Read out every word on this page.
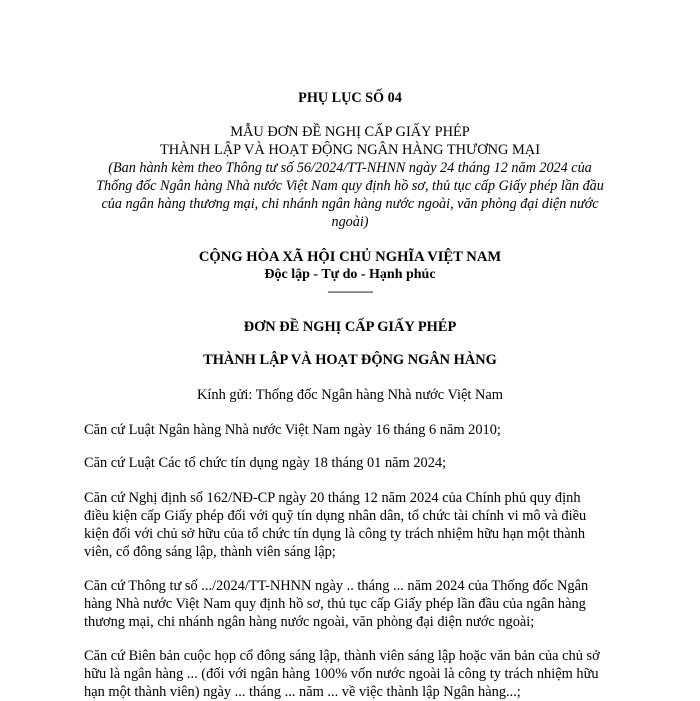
PHỤ LỤC SỐ 04
MẪU ĐƠN ĐỀ NGHỊ CẤP GIẤY PHÉP
THÀNH LẬP VÀ HOẠT ĐỘNG NGÂN HÀNG THƯƠNG MẠI
(Ban hành kèm theo Thông tư số 56/2024/TT-NHNN ngày 24 tháng 12 năm 2024 của
Thống đốc Ngân hàng Nhà nước Việt Nam quy định hồ sơ, thủ tục cấp Giấy phép lần đầu
của ngân hàng thương mại, chi nhánh ngân hàng nước ngoài, văn phòng đại diện nước
ngoài)
CỘNG HÒA XÃ HỘI CHỦ NGHĨA VIỆT NAM
Độc lập - Tự do - Hạnh phúc
---------------
ĐƠN ĐỀ NGHỊ CẤP GIẤY PHÉP
THÀNH LẬP VÀ HOẠT ĐỘNG NGÂN HÀNG
Kính gửi: Thống đốc Ngân hàng Nhà nước Việt Nam
Căn cứ Luật Ngân hàng Nhà nước Việt Nam ngày 16 tháng 6 năm 2010;
Căn cứ Luật Các tổ chức tín dụng ngày 18 tháng 01 năm 2024;
Căn cứ Nghị định số 162/NĐ-CP ngày 20 tháng 12 năm 2024 của Chính phủ quy định
điều kiện cấp Giấy phép đối với quỹ tín dụng nhân dân, tổ chức tài chính vi mô và điều
kiện đối với chủ sở hữu của tổ chức tín dụng là công ty trách nhiệm hữu hạn một thành
viên, cổ đông sáng lập, thành viên sáng lập;
Căn cứ Thông tư số .../2024/TT-NHNN ngày .. tháng ... năm 2024 của Thống đốc Ngân
hàng Nhà nước Việt Nam quy định hồ sơ, thủ tục cấp Giấy phép lần đầu của ngân hàng
thương mại, chi nhánh ngân hàng nước ngoài, văn phòng đại diện nước ngoài;
Căn cứ Biên bản cuộc họp cổ đông sáng lập, thành viên sáng lập hoặc văn bản của chủ sở
hữu là ngân hàng ... (đối với ngân hàng 100% vốn nước ngoài là công ty trách nhiệm hữu
hạn một thành viên) ngày ... tháng ... năm ... về việc thành lập Ngân hàng...;
